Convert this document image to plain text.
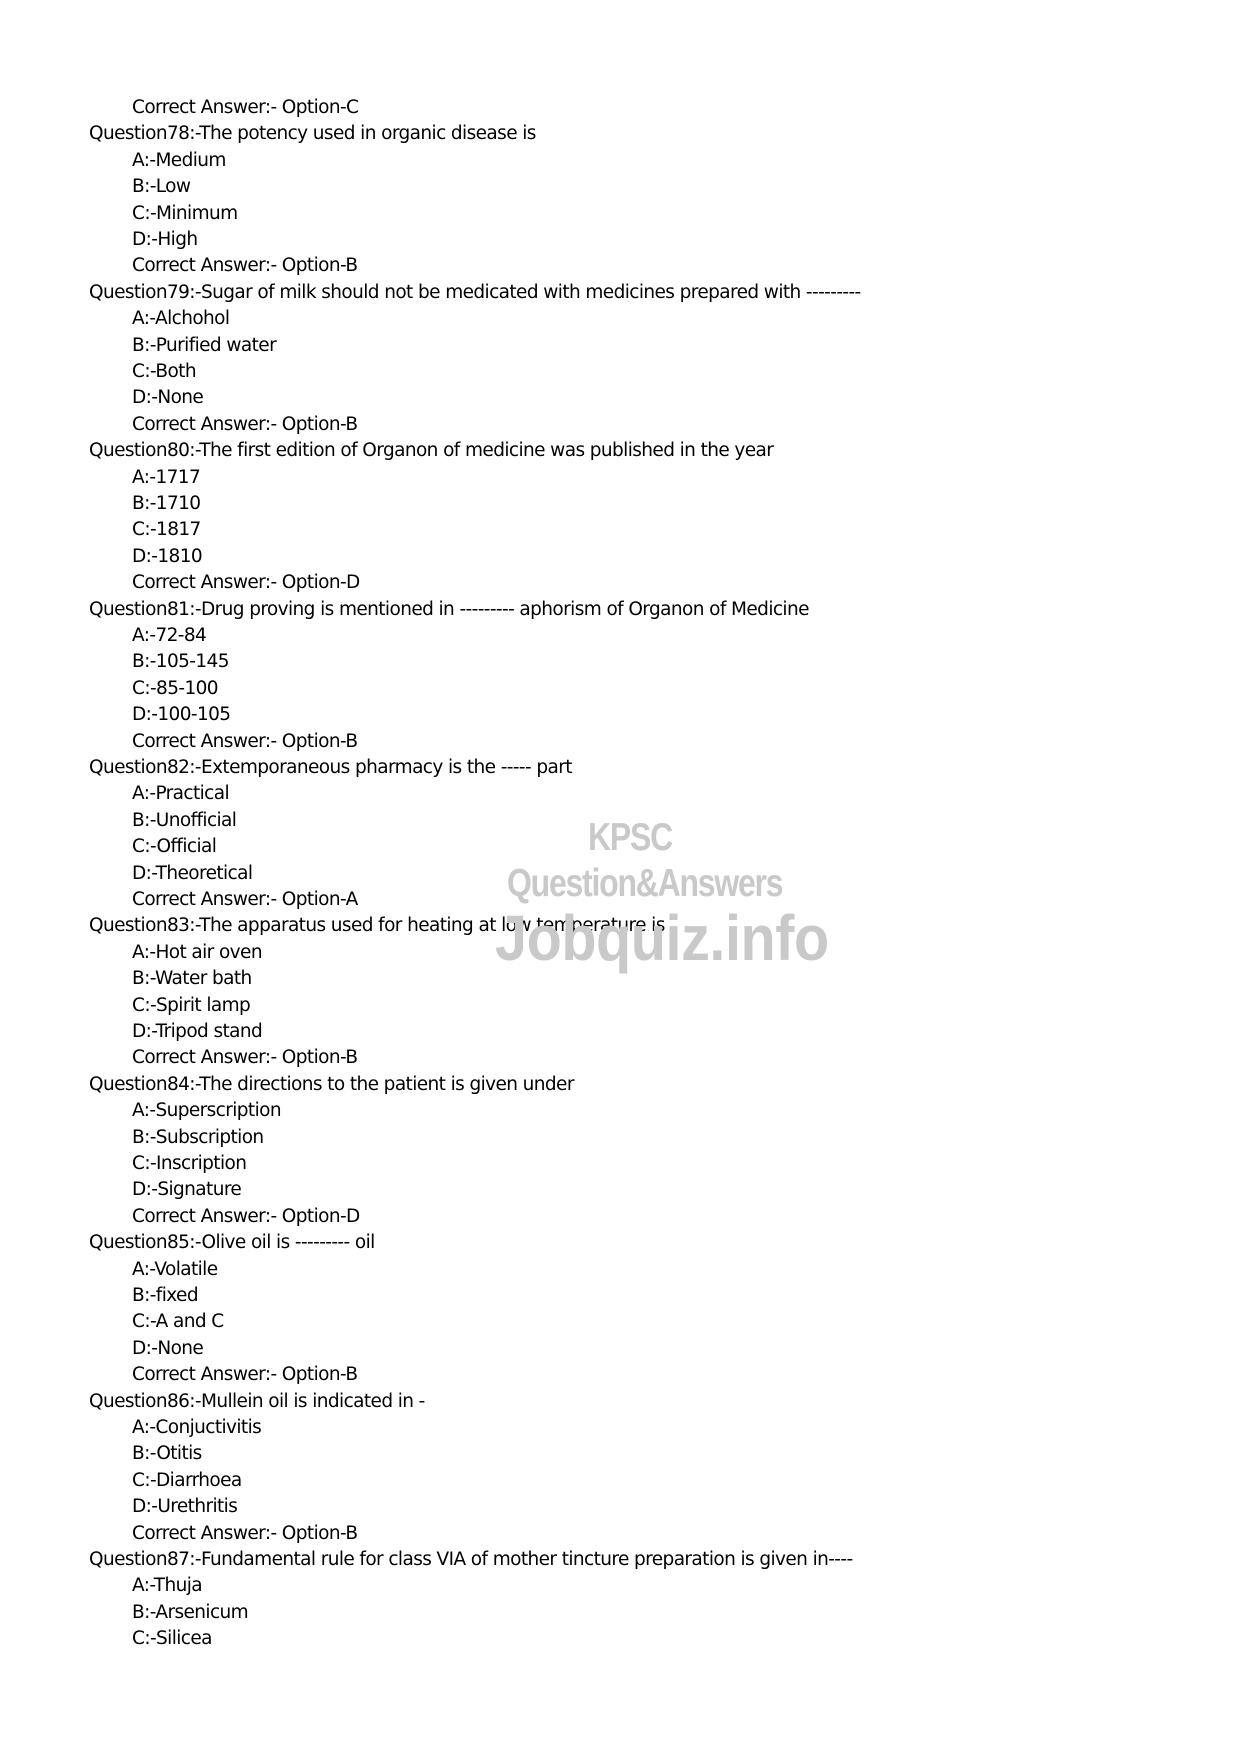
Correct Answer:- Option-C
Question78:-The potency used in organic disease is
A:-Medium
B:-Low
C:-Minimum
D:-High
Correct Answer:- Option-B
Question79:-Sugar of milk should not be medicated with medicines prepared with ---------
A:-Alchohol
B:-Purified water
C:-Both
D:-None
Correct Answer:- Option-B
Question80:-The first edition of Organon of medicine was published in the year
A:-1717
B:-1710
C:-1817
D:-1810
Correct Answer:- Option-D
Question81:-Drug proving is mentioned in --------- aphorism of Organon of Medicine
A:-72-84
B:-105-145
C:-85-100
D:-100-105
Correct Answer:- Option-B
Question82:-Extemporaneous pharmacy is the ----- part
A:-Practical
B:-Unofficial
C:-Official
D:-Theoretical
Correct Answer:- Option-A
Question83:-The apparatus used for heating at low temperature is
A:-Hot air oven
B:-Water bath
C:-Spirit lamp
D:-Tripod stand
Correct Answer:- Option-B
Question84:-The directions to the patient is given under
A:-Superscription
B:-Subscription
C:-Inscription
D:-Signature
Correct Answer:- Option-D
Question85:-Olive oil is --------- oil
A:-Volatile
B:-fixed
C:-A and C
D:-None
Correct Answer:- Option-B
Question86:-Mullein oil is indicated in -
A:-Conjuctivitis
B:-Otitis
C:-Diarrhoea
D:-Urethritis
Correct Answer:- Option-B
Question87:-Fundamental rule for class VIA of mother tincture preparation is given in----
A:-Thuja
B:-Arsenicum
C:-Silicea
KPSC Question&Answers
Jobquiz.info
